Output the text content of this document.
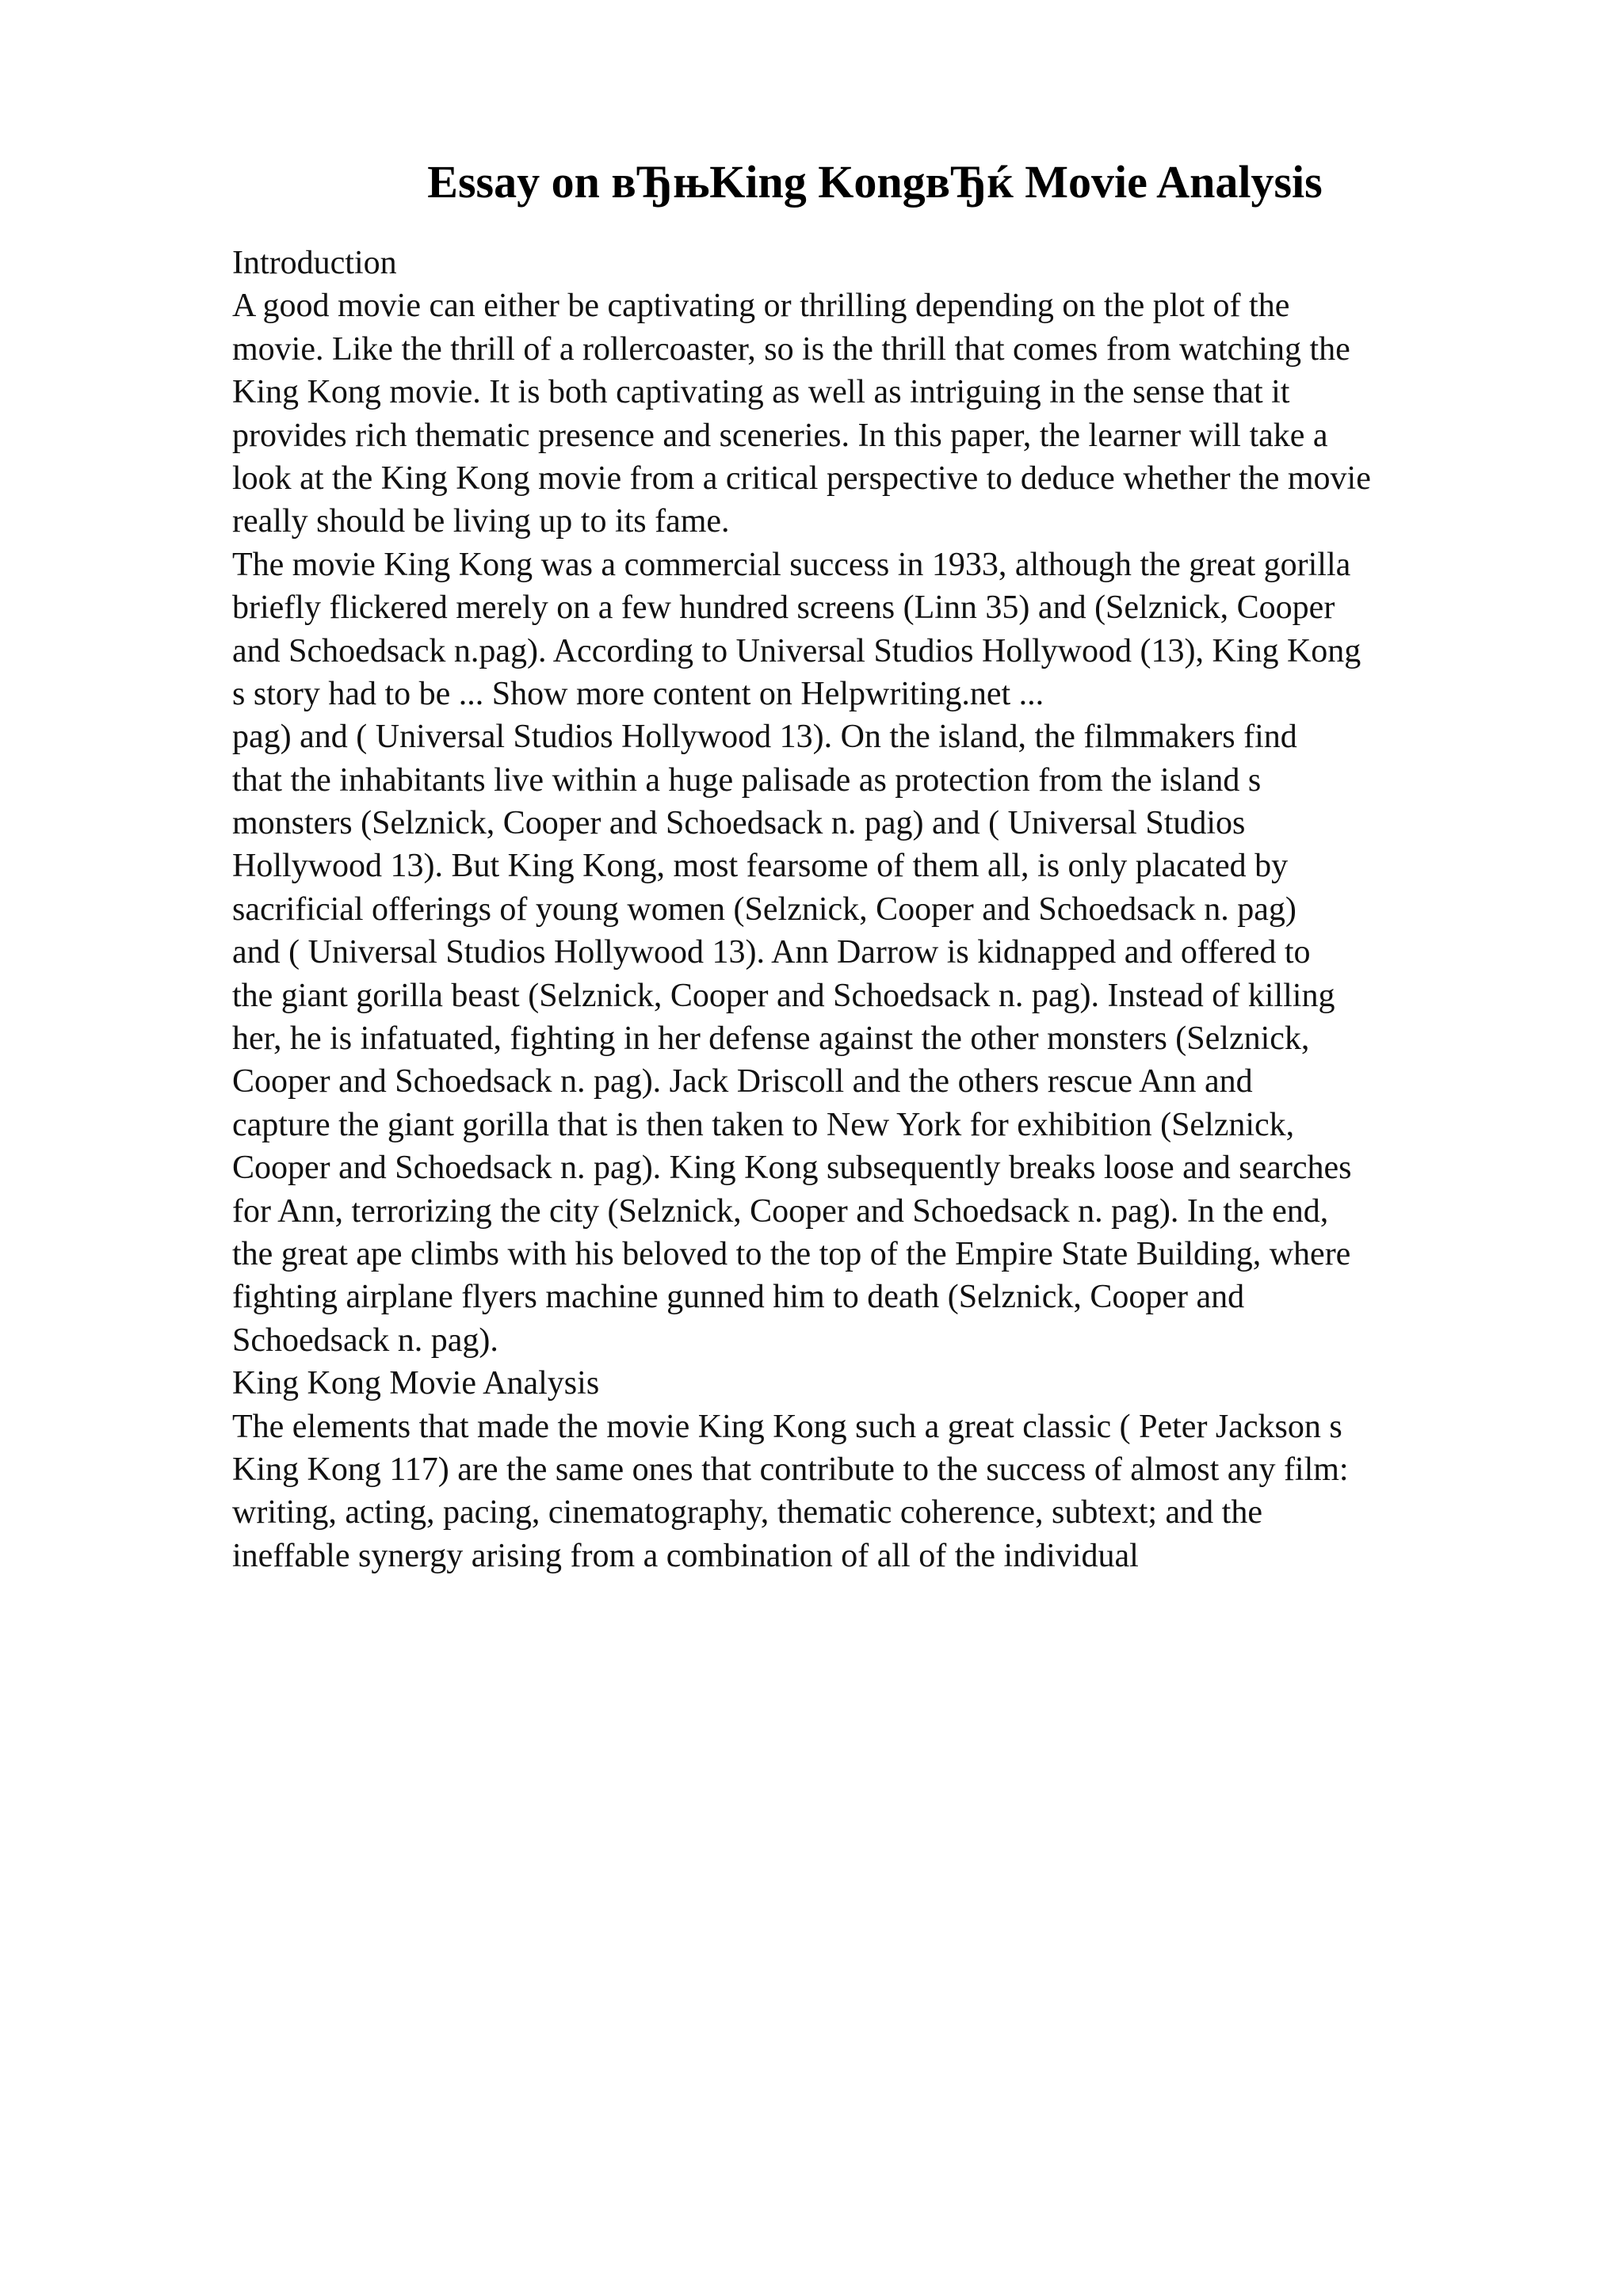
Essay on вЂњKing KongвЂќ Movie Analysis
Introduction
A good movie can either be captivating or thrilling depending on the plot of the
movie. Like the thrill of a rollercoaster, so is the thrill that comes from watching the
King Kong movie. It is both captivating as well as intriguing in the sense that it
provides rich thematic presence and sceneries. In this paper, the learner will take a
look at the King Kong movie from a critical perspective to deduce whether the movie
really should be living up to its fame.
The movie King Kong was a commercial success in 1933, although the great gorilla
briefly flickered merely on a few hundred screens (Linn 35) and (Selznick, Cooper
and Schoedsack n.pag). According to Universal Studios Hollywood (13), King Kong
s story had to be ... Show more content on Helpwriting.net ...
pag) and ( Universal Studios Hollywood 13). On the island, the filmmakers find
that the inhabitants live within a huge palisade as protection from the island s
monsters (Selznick, Cooper and Schoedsack n. pag) and ( Universal Studios
Hollywood 13). But King Kong, most fearsome of them all, is only placated by
sacrificial offerings of young women (Selznick, Cooper and Schoedsack n. pag)
and ( Universal Studios Hollywood 13). Ann Darrow is kidnapped and offered to
the giant gorilla beast (Selznick, Cooper and Schoedsack n. pag). Instead of killing
her, he is infatuated, fighting in her defense against the other monsters (Selznick,
Cooper and Schoedsack n. pag). Jack Driscoll and the others rescue Ann and
capture the giant gorilla that is then taken to New York for exhibition (Selznick,
Cooper and Schoedsack n. pag). King Kong subsequently breaks loose and searches
for Ann, terrorizing the city (Selznick, Cooper and Schoedsack n. pag). In the end,
the great ape climbs with his beloved to the top of the Empire State Building, where
fighting airplane flyers machine gunned him to death (Selznick, Cooper and
Schoedsack n. pag).
King Kong Movie Analysis
The elements that made the movie King Kong such a great classic ( Peter Jackson s
King Kong 117) are the same ones that contribute to the success of almost any film:
writing, acting, pacing, cinematography, thematic coherence, subtext; and the
ineffable synergy arising from a combination of all of the individual
